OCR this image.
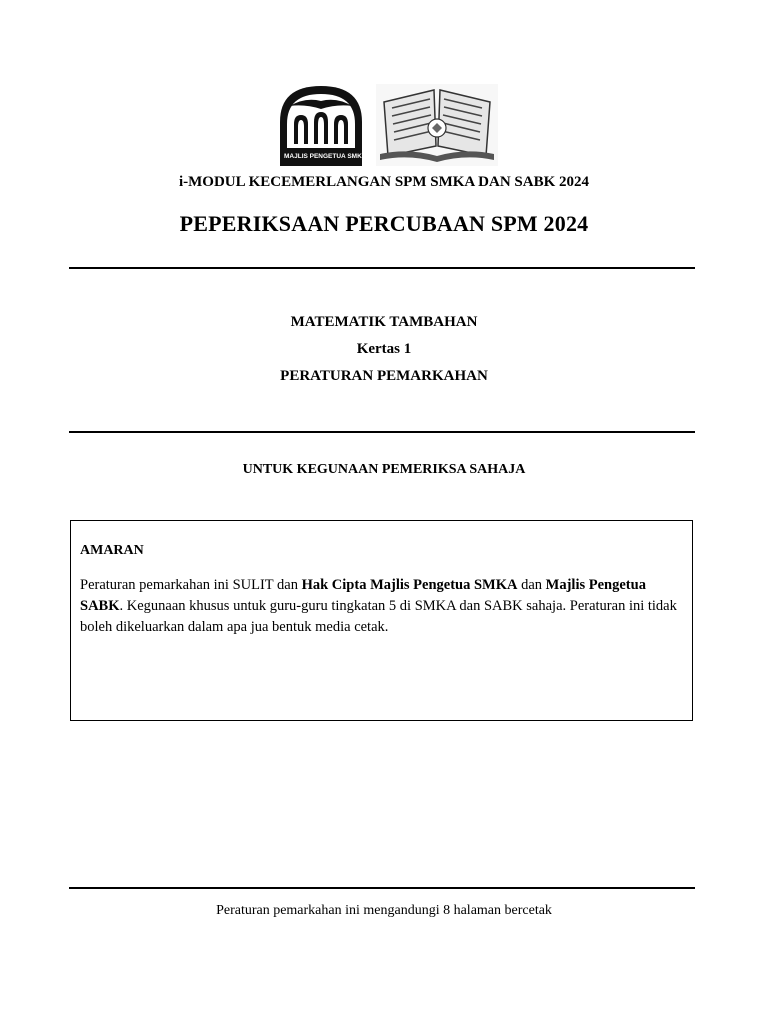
MAJLIS PENGETUA SMKA
i-MODUL KECEMERLANGAN SPM SMKA DAN SABK 2024
PEPERIKSAAN PERCUBAAN SPM 2024
MATEMATIK TAMBAHAN
Kertas 1
PERATURAN PEMARKAHAN
UNTUK KEGUNAAN PEMERIKSA SAHAJA
AMARAN
Peraturan pemarkahan ini SULIT dan Hak Cipta Majlis Pengetua SMKA dan Majlis Pengetua SABK. Kegunaan khusus untuk guru-guru tingkatan 5 di SMKA dan SABK sahaja. Peraturan ini tidak boleh dikeluarkan dalam apa jua bentuk media cetak.
Peraturan pemarkahan ini mengandungi 8 halaman bercetak
